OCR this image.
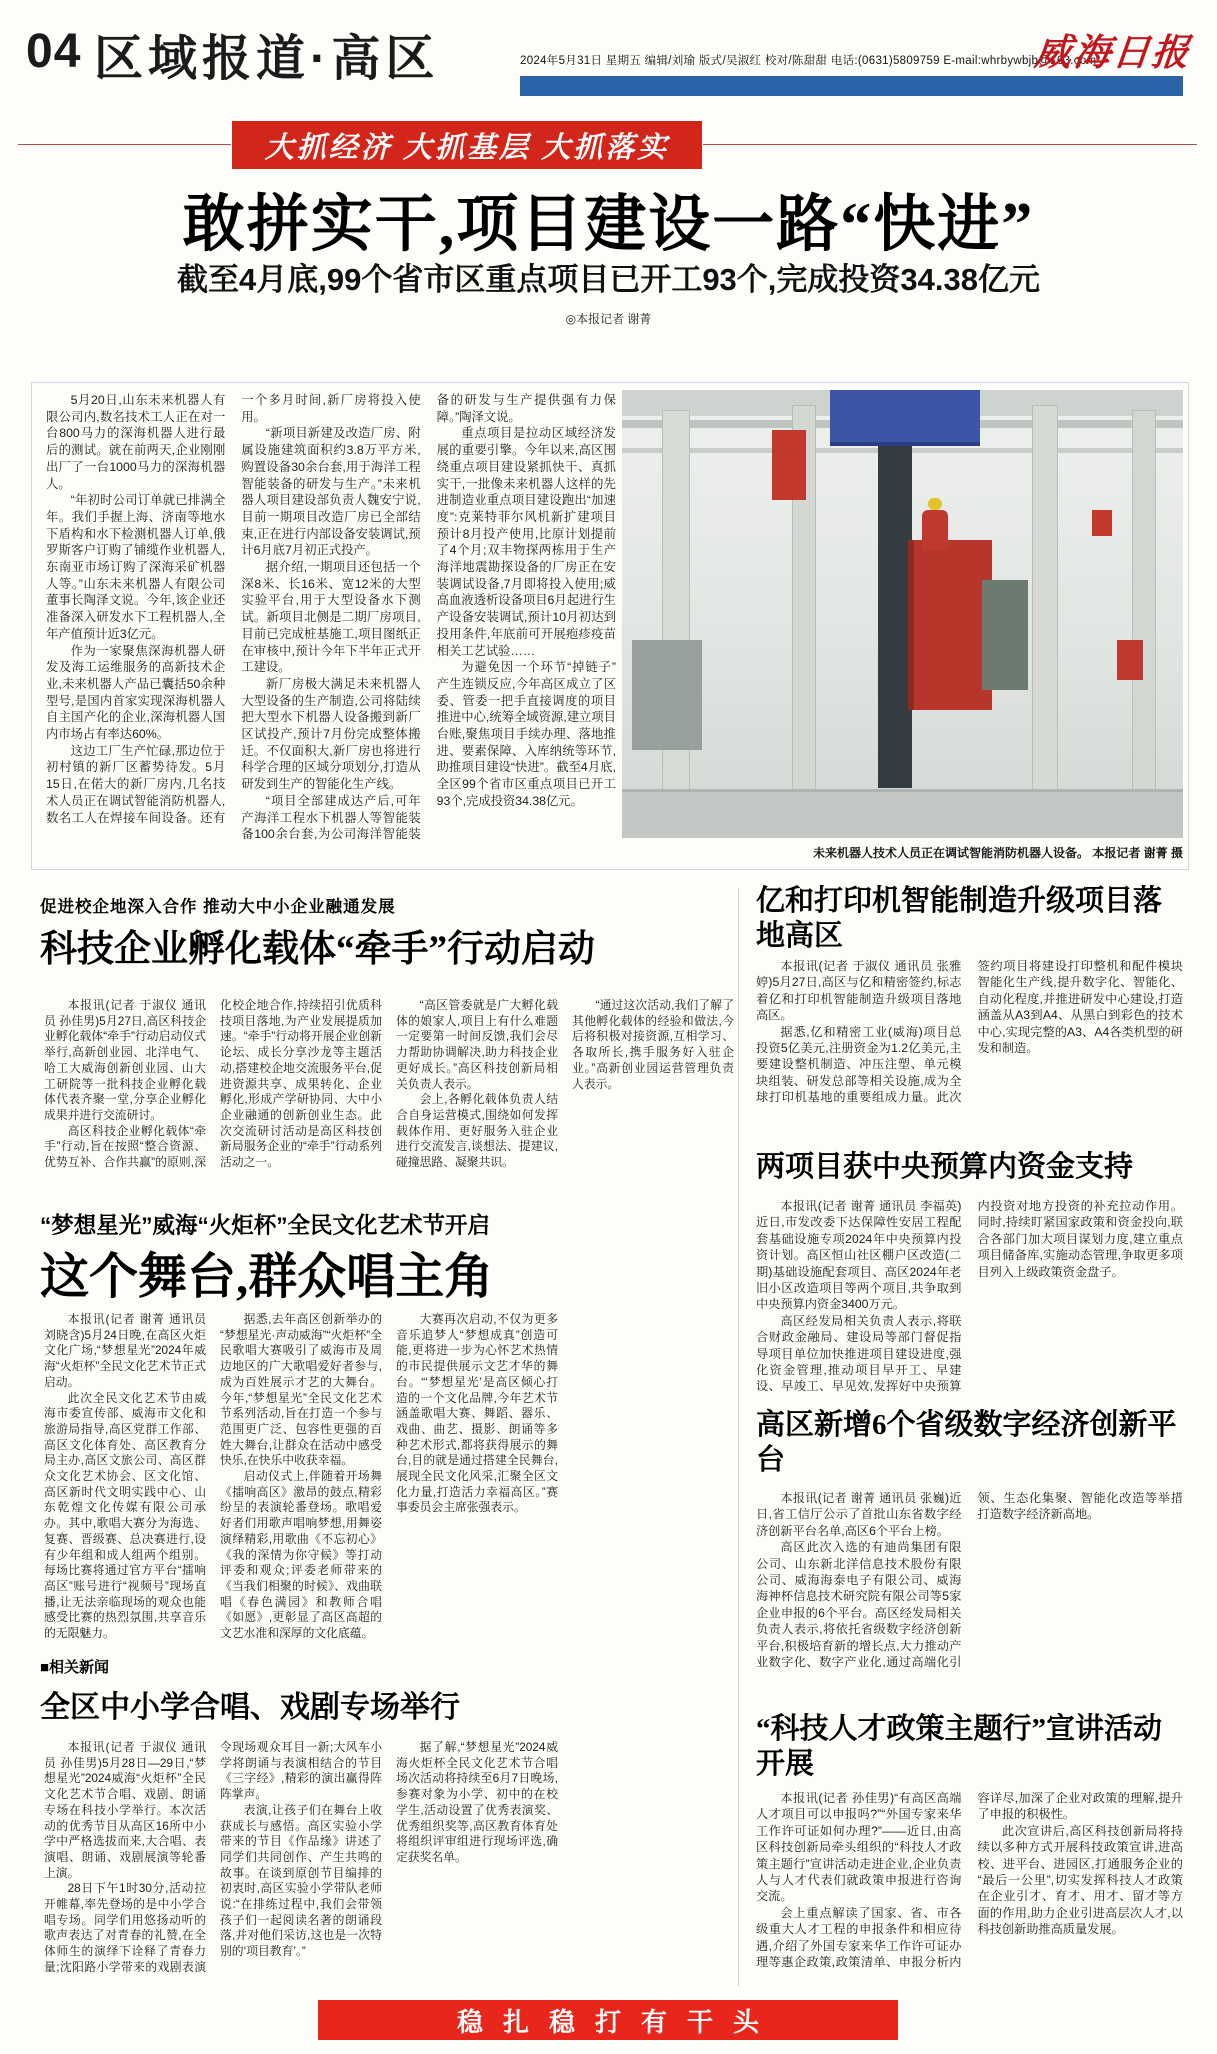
04 区域报道·高区	2024年5月31日 星期五 编辑/刘瑜 版式/吴淑红 校对/陈甜甜 电话:(0631)5809759 E-mail:whrbywbjb@163.com
威海日报
大抓经济 大抓基层 大抓落实
敢拼实干,项目建设一路“快进”
截至4月底,99个省市区重点项目已开工93个,完成投资34.38亿元
◎本报记者 谢菁

5月20日,山东未来机器人有限公司内,数名技术工人正在对一台800马力的深海机器人进行最后的测试。就在前两天,企业刚刚出厂了一台1000马力的深海机器人。

“年初时公司订单就已排满全年。我们手握上海、济南等地水下盾构和水下检测机器人订单,俄罗斯客户订购了铺缆作业机器人,东南亚市场订购了深海采矿机器人等。”山东未来机器人有限公司董事长陶泽文说。今年,该企业还准备深入研发水下工程机器人,全年产值预计近3亿元。

作为一家聚焦深海机器人研发及海工运维服务的高新技术企业,未来机器人产品已囊括50余种型号,是国内首家实现深海机器人自主国产化的企业,深海机器人国内市场占有率达60%。

这边工厂生产忙碌,那边位于初村镇的新厂区蓄势待发。5月15日,在偌大的新厂房内,几名技术人员正在调试智能消防机器人,数名工人在焊接车间设备。还有一个多月时间,新厂房将投入使用。

“新项目新建及改造厂房、附属设施建筑面积约3.8万平方米,购置设备30余台套,用于海洋工程智能装备的研发与生产。”未来机器人项目建设部负责人魏安宁说,目前一期项目改造厂房已全部结束,正在进行内部设备安装调试,预计6月底7月初正式投产。

据介绍,一期项目还包括一个深8米、长16米、宽12米的大型实验平台,用于大型设备水下测试。新项目北侧是二期厂房项目,目前已完成桩基施工,项目图纸正在审核中,预计今年下半年正式开工建设。

新厂房极大满足未来机器人大型设备的生产制造,公司将陆续把大型水下机器人设备搬到新厂区试投产,预计7月份完成整体搬迁。不仅面积大,新厂房也将进行科学合理的区域分项划分,打造从研发到生产的智能化生产线。

“项目全部建成达产后,可年产海洋工程水下机器人等智能装备100余台套,为公司海洋智能装备的研发与生产提供强有力保障。”陶泽文说。

重点项目是拉动区域经济发展的重要引擎。今年以来,高区围绕重点项目建设紧抓快干、真抓实干,一批像未来机器人这样的先进制造业重点项目建设跑出“加速度”:克莱特菲尔风机新扩建项目预计8月投产使用,比原计划提前了4个月;双丰物探两栋用于生产海洋地震勘探设备的厂房正在安装调试设备,7月即将投入使用;威高血液透析设备项目6月起进行生产设备安装调试,预计10月初达到投用条件,年底前可开展疱疹疫苗相关工艺试验……

为避免因一个环节“掉链子”产生连锁反应,今年高区成立了区委、管委一把手直接调度的项目推进中心,统筹全域资源,建立项目台账,聚焦项目手续办理、落地推进、要素保障、入库纳统等环节,助推项目建设“快进”。截至4月底,全区99个省市区重点项目已开工93个,完成投资34.38亿元。

未来机器人技术人员正在调试智能消防机器人设备。 本报记者 谢菁 摄
促进校企地深入合作 推动大中小企业融通发展
科技企业孵化载体“牵手”行动启动

本报讯(记者 于淑仪 通讯员 孙佳男)5月27日,高区科技企业孵化载体“牵手”行动启动仪式举行,高新创业园、北洋电气、哈工大威海创新创业园、山大工研院等一批科技企业孵化载体代表齐聚一堂,分享企业孵化成果并进行交流研讨。

高区科技企业孵化载体“牵手”行动,旨在按照“整合资源、优势互补、合作共赢”的原则,深化校企地合作,持续招引优质科技项目落地,为产业发展提质加速。“牵手”行动将开展企业创新论坛、成长分享沙龙等主题活动,搭建校企地交流服务平台,促进资源共享、成果转化、企业孵化,形成产学研协同、大中小企业融通的创新创业生态。此次交流研讨活动是高区科技创新局服务企业的“牵手”行动系列活动之一。

“高区管委就是广大孵化载体的娘家人,项目上有什么难题一定要第一时间反馈,我们会尽力帮助协调解决,助力科技企业更好成长。”高区科技创新局相关负责人表示。

会上,各孵化载体负责人结合自身运营模式,围绕如何发挥载体作用、更好服务入驻企业进行交流发言,谈想法、提建议,碰撞思路、凝聚共识。

“通过这次活动,我们了解了其他孵化载体的经验和做法,今后将积极对接资源,互相学习、各取所长,携手服务好入驻企业。”高新创业园运营管理负责人表示。

“梦想星光”威海“火炬杯”全民文化艺术节开启
这个舞台,群众唱主角

本报讯(记者 谢菁 通讯员 刘晓含)5月24日晚,在高区火炬文化广场,“梦想星光”2024年威海“火炬杯”全民文化艺术节正式启动。

此次全民文化艺术节由威海市委宣传部、威海市文化和旅游局指导,高区党群工作部、高区文化体育处、高区教育分局主办,高区文旅公司、高区群众文化艺术协会、区文化馆、高区新时代文明实践中心、山东乾煌文化传媒有限公司承办。其中,歌唱大赛分为海选、复赛、晋级赛、总决赛进行,设有少年组和成人组两个组别。每场比赛将通过官方平台“擂响高区”账号进行“视频号”现场直播,让无法亲临现场的观众也能感受比赛的热烈氛围,共享音乐的无限魅力。

据悉,去年高区创新举办的“梦想星光·声动威海”“火炬杯”全民歌唱大赛吸引了威海市及周边地区的广大歌唱爱好者参与,成为百姓展示才艺的大舞台。今年,“梦想星光”全民文化艺术节系列活动,旨在打造一个参与范围更广泛、包容性更强的百姓大舞台,让群众在活动中感受快乐,在快乐中收获幸福。

启动仪式上,伴随着开场舞《擂响高区》激昂的鼓点,精彩纷呈的表演轮番登场。歌唱爱好者们用歌声唱响梦想,用舞姿演绎精彩,用歌曲《不忘初心》《我的深情为你守候》等打动评委和观众;评委老师带来的《当我们相聚的时候》、戏曲联唱《春色满园》和教师合唱《如愿》,更彰显了高区高超的文艺水准和深厚的文化底蕴。

大赛再次启动,不仅为更多音乐追梦人“梦想成真”创造可能,更将进一步为心怀艺术热情的市民提供展示文艺才华的舞台。“‘梦想星光’是高区倾心打造的一个文化品牌,今年艺术节涵盖歌唱大赛、舞蹈、器乐、戏曲、曲艺、摄影、朗诵等多种艺术形式,都将获得展示的舞台,目的就是通过搭建全民舞台,展现全民文化风采,汇聚全区文化力量,打造活力幸福高区。”赛事委员会主席张强表示。

■相关新闻
全区中小学合唱、戏剧专场举行

本报讯(记者 于淑仪 通讯员 孙佳男)5月28日—29日,“梦想星光”2024威海“火炬杯”全民文化艺术节合唱、戏剧、朗诵专场在科技小学举行。本次活动的优秀节目从高区16所中小学中严格选拔而来,大合唱、表演唱、朗诵、戏剧展演等轮番上演。

28日下午1时30分,活动拉开帷幕,率先登场的是中小学合唱专场。同学们用悠扬动听的歌声表达了对青春的礼赞,在全体师生的演绎下诠释了青春力量;沈阳路小学带来的戏剧表演令现场观众耳目一新;大风车小学将朗诵与表演相结合的节目《三字经》,精彩的演出赢得阵阵掌声。

表演,让孩子们在舞台上收获成长与感悟。高区实验小学带来的节目《作品缘》讲述了同学们共同创作、产生共鸣的故事。在谈到原创节目编排的初衷时,高区实验小学带队老师说:“在排练过程中,我们会带领孩子们一起阅读名著的朗诵段落,并对他们采访,这也是一次特别的‘项目教育’。”

据了解,“梦想星光”2024威海火炬杯全民文化艺术节合唱场次活动将持续至6月7日晚场,参赛对象为小学、初中的在校学生,活动设置了优秀表演奖、优秀组织奖等,高区教育体育处将组织评审组进行现场评选,确定获奖名单。

亿和打印机智能制造升级项目落地高区

本报讯(记者 于淑仪 通讯员 张雅婷)5月27日,高区与亿和精密签约,标志着亿和打印机智能制造升级项目落地高区。

据悉,亿和精密工业(威海)项目总投资5亿美元,注册资金为1.2亿美元,主要建设整机制造、冲压注塑、单元模块组装、研发总部等相关设施,成为全球打印机基地的重要组成力量。此次签约项目将建设打印整机和配件模块智能化生产线,提升数字化、智能化、自动化程度,并推进研发中心建设,打造涵盖从A3到A4、从黑白到彩色的技术中心,实现完整的A3、A4各类机型的研发和制造。

两项目获中央预算内资金支持

本报讯(记者 谢菁 通讯员 李福英)近日,市发改委下达保障性安居工程配套基础设施专项2024年中央预算内投资计划。高区恒山社区棚户区改造(二期)基础设施配套项目、高区2024年老旧小区改造项目等两个项目,共争取到中央预算内资金3400万元。

高区经发局相关负责人表示,将联合财政金融局、建设局等部门督促指导项目单位加快推进项目建设进度,强化资金管理,推动项目早开工、早建设、早竣工、早见效,发挥好中央预算内投资对地方投资的补充拉动作用。同时,持续盯紧国家政策和资金投向,联合各部门加大项目谋划力度,建立重点项目储备库,实施动态管理,争取更多项目列入上级政策资金盘子。

高区新增6个省级数字经济创新平台

本报讯(记者 谢菁 通讯员 张巍)近日,省工信厅公示了首批山东省数字经济创新平台名单,高区6个平台上榜。

高区此次入选的有迪尚集团有限公司、山东新北洋信息技术股份有限公司、威海海泰电子有限公司、威海海神杯信息技术研究院有限公司等5家企业申报的6个平台。高区经发局相关负责人表示,将依托省级数字经济创新平台,积极培育新的增长点,大力推动产业数字化、数字产业化,通过高端化引领、生态化集聚、智能化改造等举措打造数字经济新高地。

“科技人才政策主题行”宣讲活动开展

本报讯(记者 孙佳男)“有高区高端人才项目可以申报吗?”“外国专家来华工作许可证如何办理?”——近日,由高区科技创新局牵头组织的“科技人才政策主题行”宣讲活动走进企业,企业负责人与人才代表们就政策申报进行咨询交流。

会上重点解读了国家、省、市各级重大人才工程的申报条件和相应待遇,介绍了外国专家来华工作许可证办理等惠企政策,政策清单、申报分析内容详尽,加深了企业对政策的理解,提升了申报的积极性。

此次宣讲后,高区科技创新局将持续以多种方式开展科技政策宣讲,进高校、进平台、进园区,打通服务企业的“最后一公里”,切实发挥科技人才政策在企业引才、育才、用才、留才等方面的作用,助力企业引进高层次人才,以科技创新助推高质量发展。

稳扎稳打有干头
